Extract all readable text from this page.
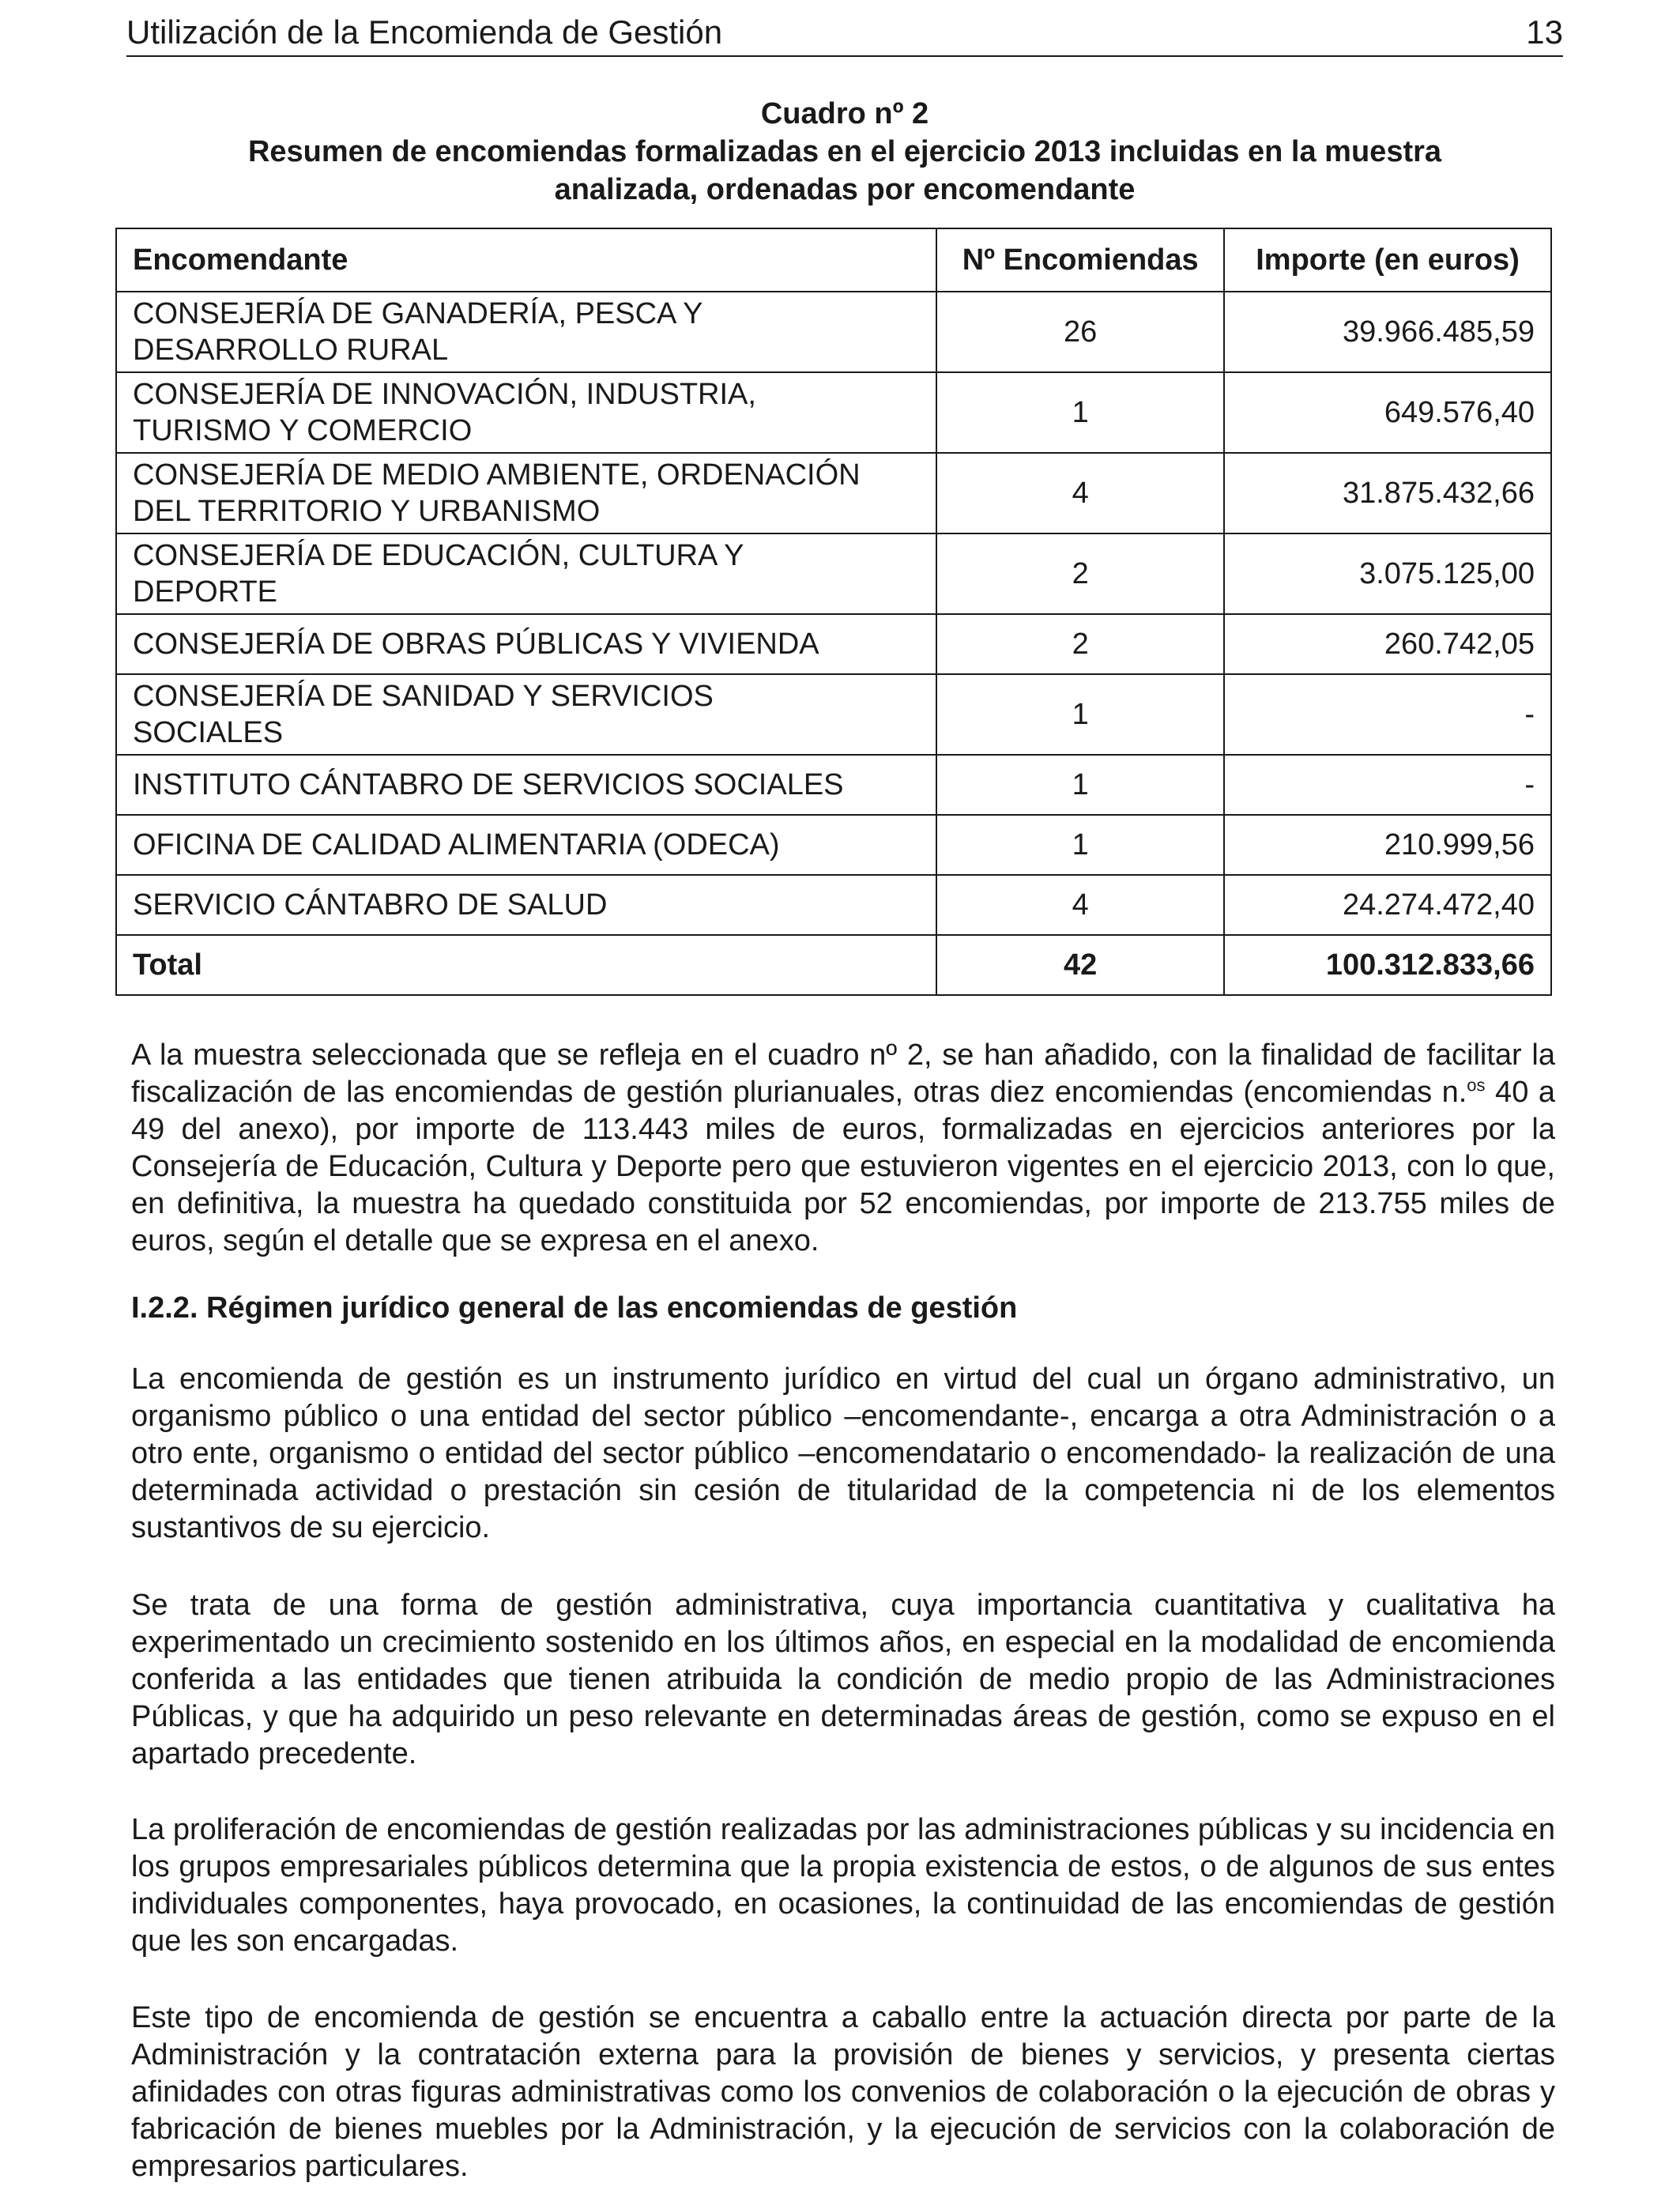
Utilización de la Encomienda de Gestión	13
Cuadro nº 2
Resumen de encomiendas formalizadas en el ejercicio 2013 incluidas en la muestra
analizada, ordenadas por encomendante
Encomendante	Nº Encomiendas	Importe (en euros)

CONSEJERÍA DE GANADERÍA, PESCA Y
DESARROLLO RURAL	26	39.966.485,59

CONSEJERÍA DE INNOVACIÓN, INDUSTRIA,
TURISMO Y COMERCIO	1	649.576,40

CONSEJERÍA DE MEDIO AMBIENTE, ORDENACIÓN
DEL TERRITORIO Y URBANISMO	4	31.875.432,66

CONSEJERÍA DE EDUCACIÓN, CULTURA Y
DEPORTE	2	3.075.125,00
CONSEJERÍA DE OBRAS PÚBLICAS Y VIVIENDA	2	260.742,05

CONSEJERÍA DE SANIDAD Y SERVICIOS
SOCIALES	1	-
INSTITUTO CÁNTABRO DE SERVICIOS SOCIALES	1	-
OFICINA DE CALIDAD ALIMENTARIA (ODECA)	1	210.999,56
SERVICIO CÁNTABRO DE SALUD	4	24.274.472,40
Total	42	100.312.833,66

A la muestra seleccionada que se refleja en el cuadro nº 2, se han añadido, con la finalidad de facilitar la fiscalización de las encomiendas de gestión plurianuales, otras diez encomiendas (encomiendas n.$^{os}$ 40 a 49 del anexo), por importe de 113.443 miles de euros, formalizadas en ejercicios anteriores por la Consejería de Educación, Cultura y Deporte pero que estuvieron vigentes en el ejercicio 2013, con lo que, en definitiva, la muestra ha quedado constituida por 52 encomiendas, por importe de 213.755 miles de euros, según el detalle que se expresa en el anexo.

I.2.2. Régimen jurídico general de las encomiendas de gestión

La encomienda de gestión es un instrumento jurídico en virtud del cual un órgano administrativo, un organismo público o una entidad del sector público –encomendante-, encarga a otra Administración o a otro ente, organismo o entidad del sector público –encomendatario o encomendado- la realización de una determinada actividad o prestación sin cesión de titularidad de la competencia ni de los elementos sustantivos de su ejercicio.

Se trata de una forma de gestión administrativa, cuya importancia cuantitativa y cualitativa ha experimentado un crecimiento sostenido en los últimos años, en especial en la modalidad de encomienda conferida a las entidades que tienen atribuida la condición de medio propio de las Administraciones Públicas, y que ha adquirido un peso relevante en determinadas áreas de gestión, como se expuso en el apartado precedente.

La proliferación de encomiendas de gestión realizadas por las administraciones públicas y su incidencia en los grupos empresariales públicos determina que la propia existencia de estos, o de algunos de sus entes individuales componentes, haya provocado, en ocasiones, la continuidad de las encomiendas de gestión que les son encargadas.

Este tipo de encomienda de gestión se encuentra a caballo entre la actuación directa por parte de la Administración y la contratación externa para la provisión de bienes y servicios, y presenta ciertas afinidades con otras figuras administrativas como los convenios de colaboración o la ejecución de obras y fabricación de bienes muebles por la Administración, y la ejecución de servicios con la colaboración de empresarios particulares.
